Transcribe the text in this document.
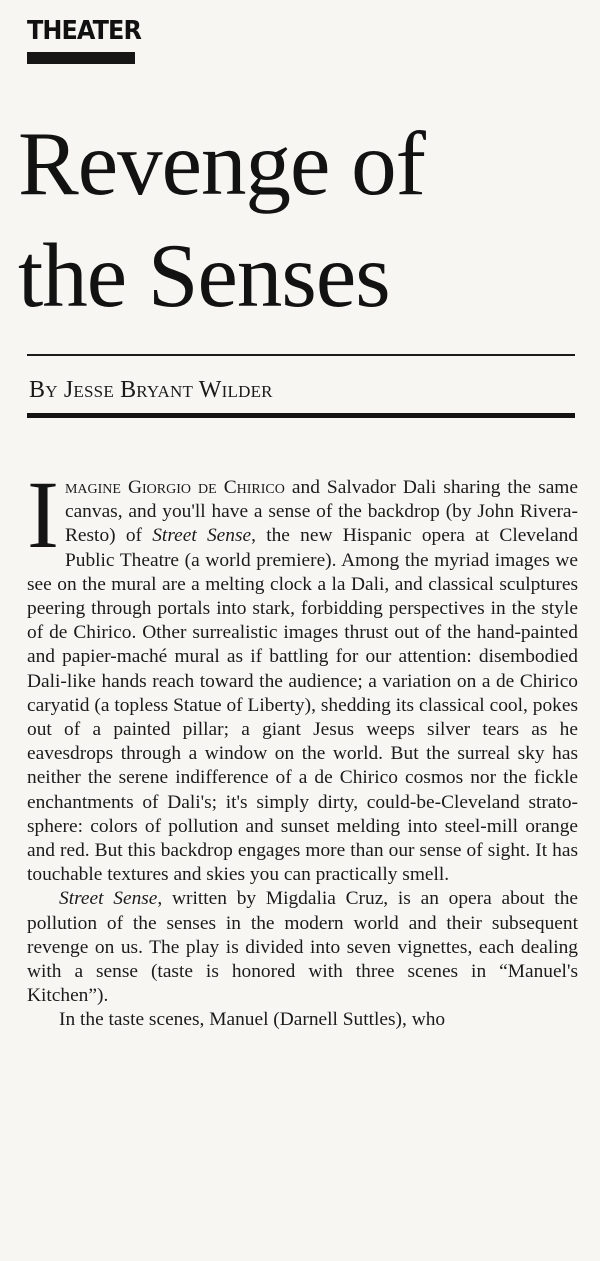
THEATER
Revenge of
the Senses
By Jesse Bryant Wilder

Imagine Giorgio de Chirico and Salvador Dali sharing the same canvas, and you'll have a sense of the backdrop (by John Rivera-Resto) of Street Sense, the new Hispanic opera at Cleveland Public Theatre (a world premiere). Among the myriad images we see on the mural are a melting clock a la Dali, and classical sculptures peering through portals into stark, forbidding perspectives in the style of de Chirico. Other surrealistic images thrust out of the hand-painted and papier-maché mural as if battling for our attention: disembodied Dali-like hands reach toward the audience; a variation on a de Chirico caryatid (a topless Statue of Liberty), shedding its classical cool, pokes out of a painted pillar; a giant Jesus weeps silver tears as he eavesdrops through a window on the world. But the surreal sky has neither the serene indifference of a de Chirico cosmos nor the fickle enchantments of Dali's; it's simply dirty, could-be-Cleveland stratosphere: colors of pollution and sunset melding into steel-mill orange and red. But this backdrop engages more than our sense of sight. It has touchable textures and skies you can practically smell.

Street Sense, written by Migdalia Cruz, is an opera about the pollution of the senses in the modern world and their subsequent revenge on us. The play is divided into seven vignettes, each dealing with a sense (taste is honored with three scenes in “Manuel's Kitchen”).

In the taste scenes, Manuel (Darnell Suttles), who
